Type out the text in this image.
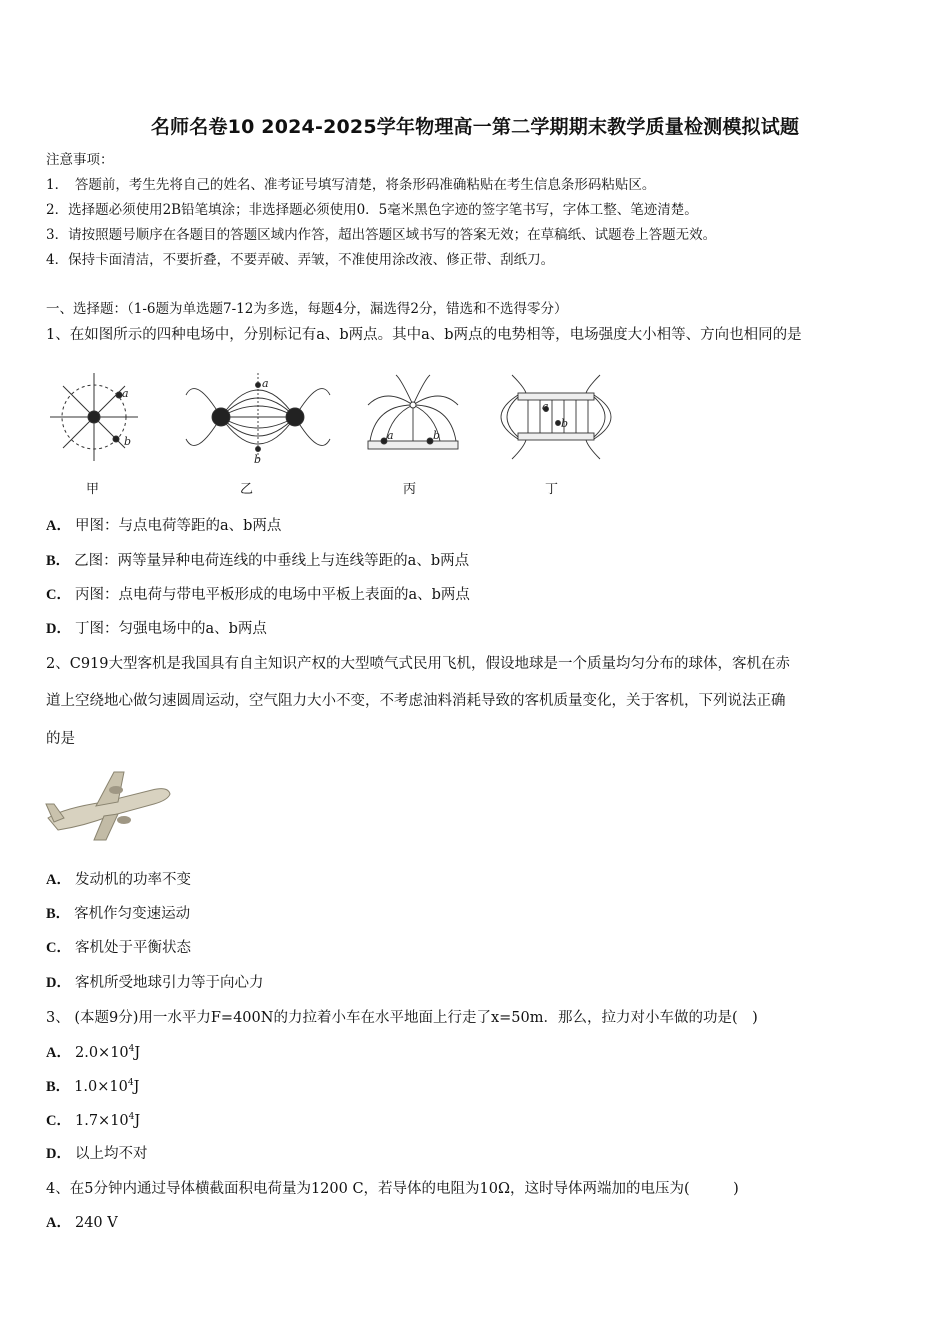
名师名卷10 2024-2025学年物理高一第二学期期末教学质量检测模拟试题
注意事项：
1．　答题前，考生先将自己的姓名、准考证号填写清楚，将条形码准确粘贴在考生信息条形码粘贴区。
2．选择题必须使用2B铅笔填涂；非选择题必须使用0．5毫米黑色字迹的签字笔书写，字体工整、笔迹清楚。
3．请按照题号顺序在各题目的答题区域内作答，超出答题区域书写的答案无效；在草稿纸、试题卷上答题无效。
4．保持卡面清洁，不要折叠，不要弄破、弄皱，不准使用涂改液、修正带、刮纸刀。
一、选择题：（1-6题为单选题7-12为多选，每题4分，漏选得2分，错选和不选得零分）
1、在如图所示的四种电场中，分别标记有a、b两点。其中a、b两点的电势相等，电场强度大小相等、方向也相同的是
a
b
a
b
a	b
a
b
甲	乙	丙	丁
A． 甲图：与点电荷等距的a、b两点
B． 乙图：两等量异种电荷连线的中垂线上与连线等距的a、b两点
C． 丙图：点电荷与带电平板形成的电场中平板上表面的a、b两点
D． 丁图：匀强电场中的a、b两点
2、C919大型客机是我国具有自主知识产权的大型喷气式民用飞机，假设地球是一个质量均匀分布的球体，客机在赤
道上空绕地心做匀速圆周运动，空气阻力大小不变，不考虑油料消耗导致的客机质量变化，关于客机，下列说法正确
的是
A． 发动机的功率不变
B． 客机作匀变速运动
C． 客机处于平衡状态
D． 客机所受地球引力等于向心力
3、 (本题9分)用一水平力F=400N的力拉着小车在水平地面上行走了x=50m．那么，拉力对小车做的功是(　)
A． $2.0\times 10^4J$
B． $1.0\times 10^4J$
C． $1.7\times 10^4J$
D． 以上均不对
4、在5分钟内通过导体横截面积电荷量为1200 C，若导体的电阻为10Ω，这时导体两端加的电压为(　　　)
A． 240 V
